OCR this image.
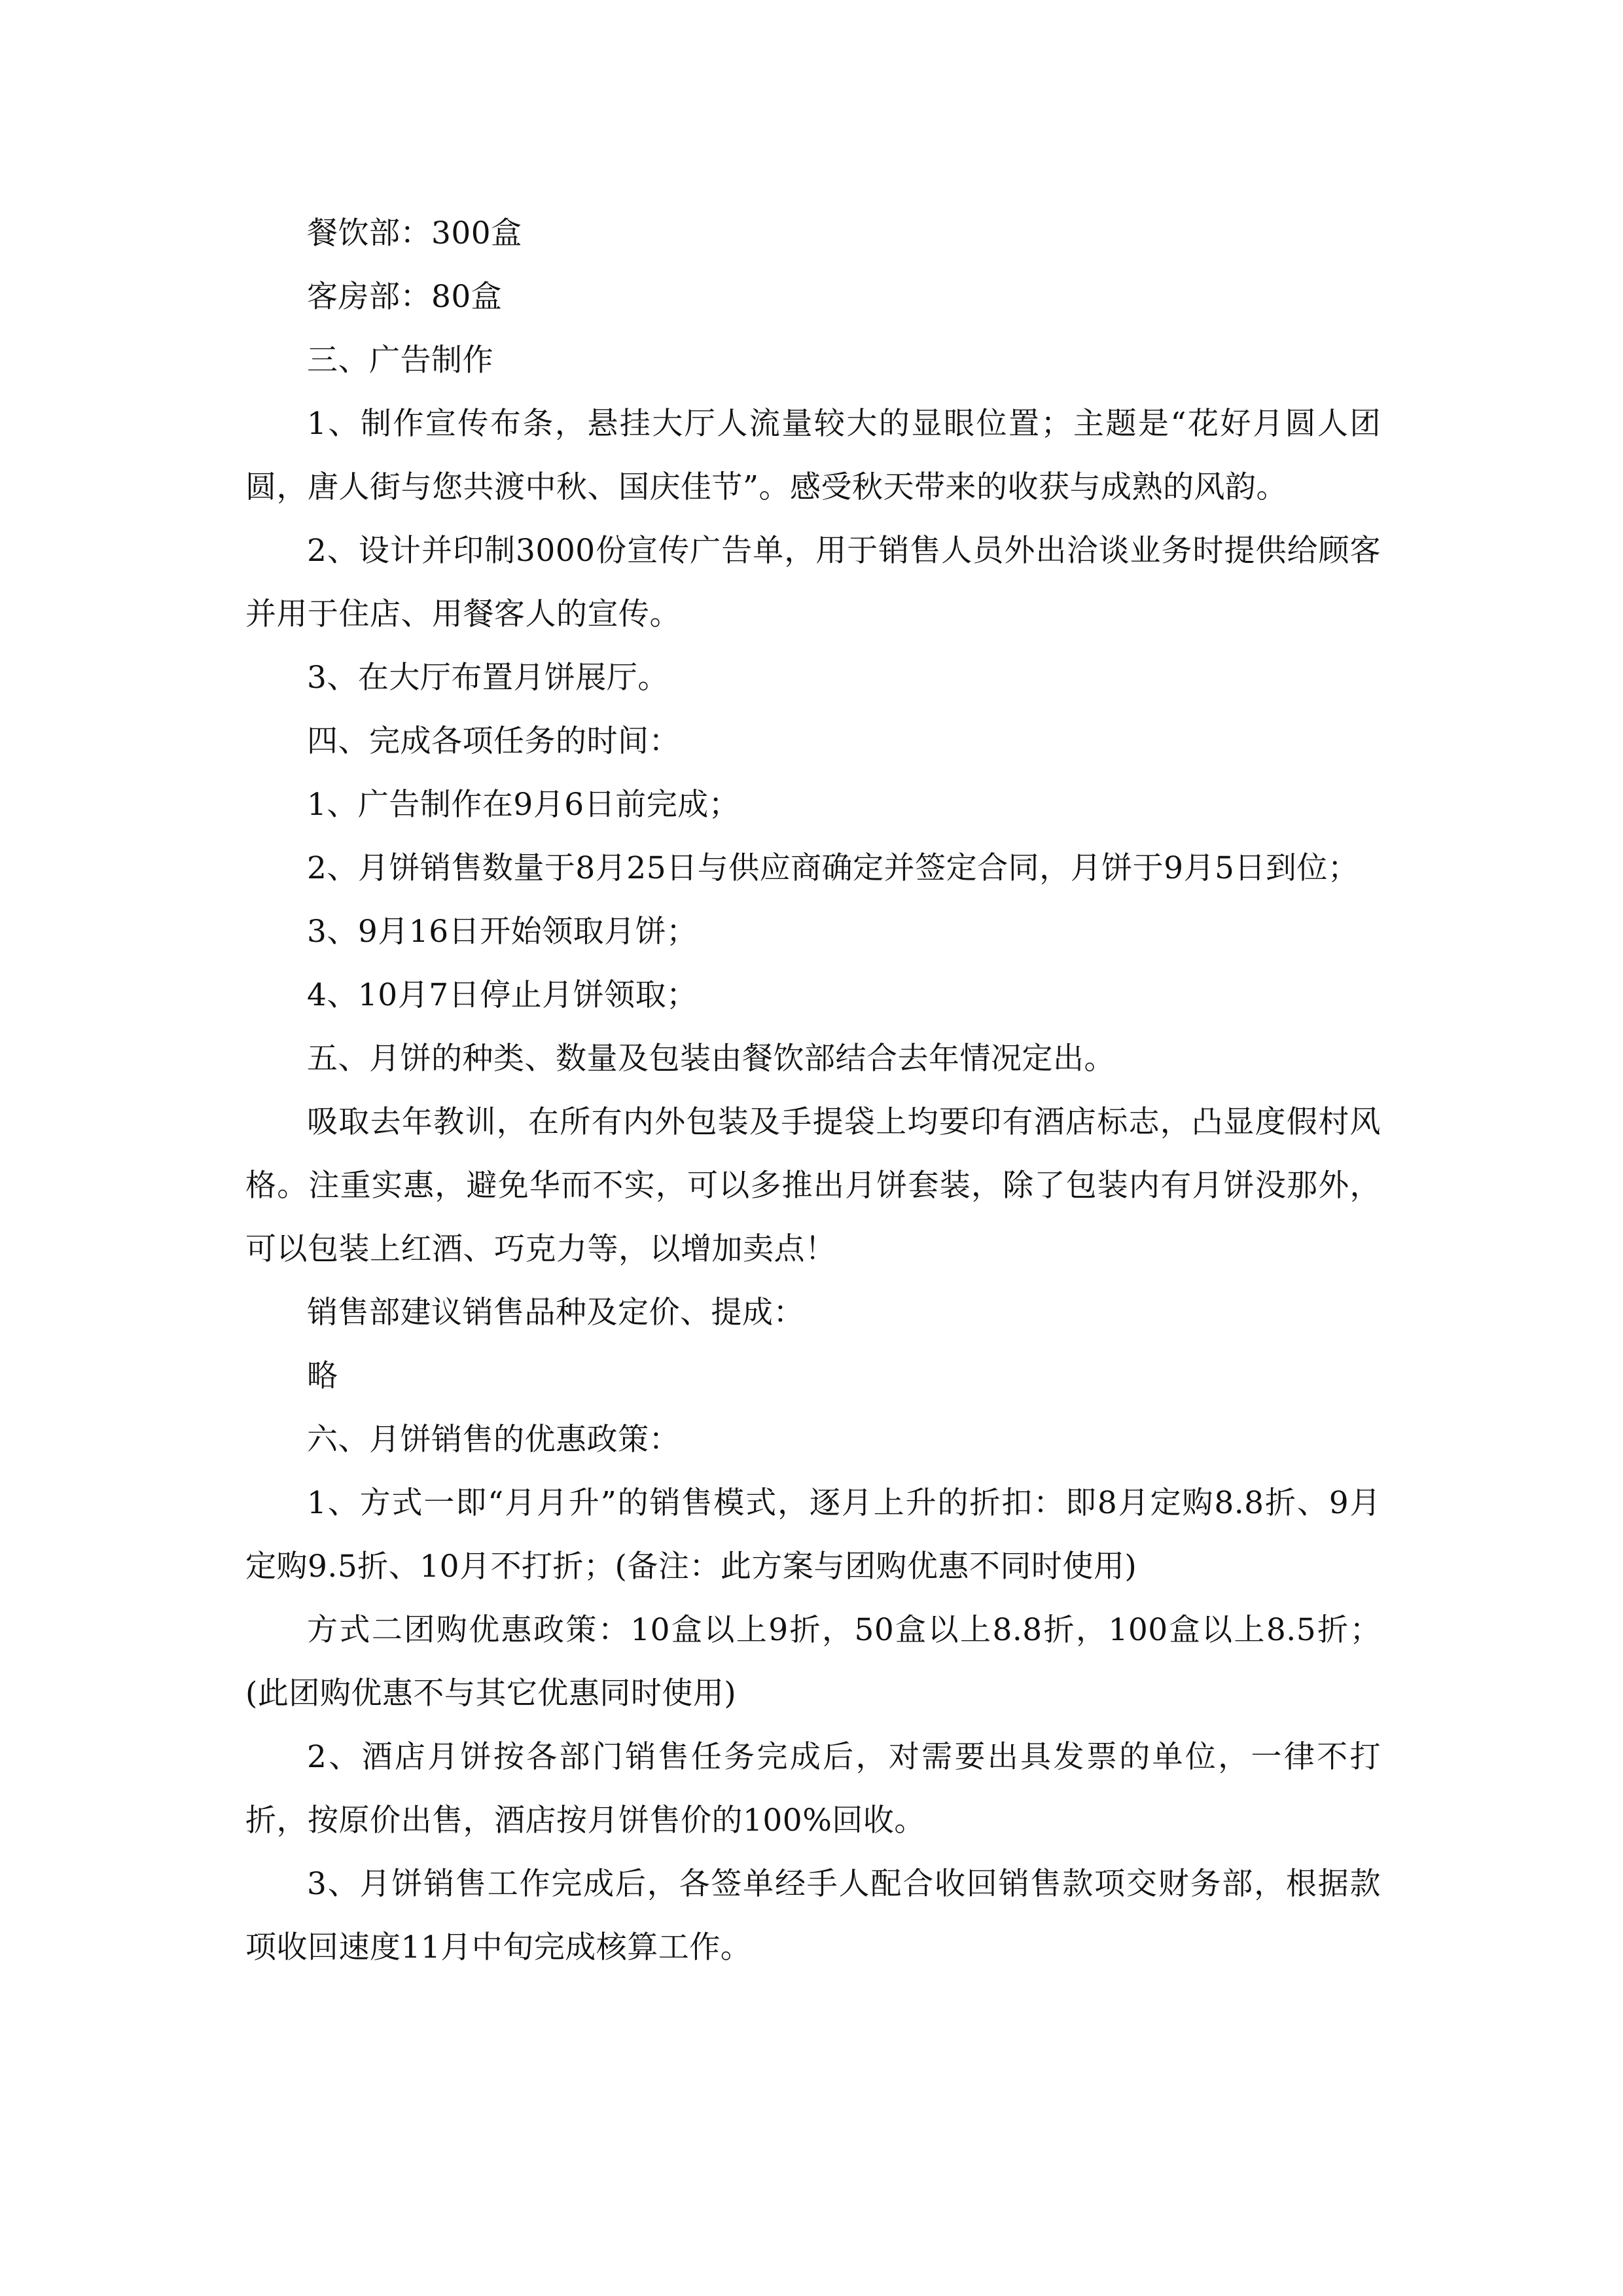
餐饮部：300盒

客房部：80盒

三、广告制作

1、制作宣传布条，悬挂大厅人流量较大的显眼位置；主题是“花好月圆人团圆，唐人街与您共渡中秋、国庆佳节”。感受秋天带来的收获与成熟的风韵。

2、设计并印制3000份宣传广告单，用于销售人员外出洽谈业务时提供给顾客并用于住店、用餐客人的宣传。

3、在大厅布置月饼展厅。

四、完成各项任务的时间：

1、广告制作在9月6日前完成；

2、月饼销售数量于8月25日与供应商确定并签定合同，月饼于9月5日到位；

3、9月16日开始领取月饼；

4、10月7日停止月饼领取；

五、月饼的种类、数量及包装由餐饮部结合去年情况定出。

吸取去年教训，在所有内外包装及手提袋上均要印有酒店标志，凸显度假村风格。注重实惠，避免华而不实，可以多推出月饼套装，除了包装内有月饼没那外，可以包装上红酒、巧克力等，以增加卖点！

销售部建议销售品种及定价、提成：

略

六、月饼销售的优惠政策：

1、方式一即“月月升”的销售模式，逐月上升的折扣：即8月定购8.8折、9月定购9.5折、10月不打折；(备注：此方案与团购优惠不同时使用)

方式二团购优惠政策：10盒以上9折，50盒以上8.8折，100盒以上8.5折；(此团购优惠不与其它优惠同时使用)

2、酒店月饼按各部门销售任务完成后，对需要出具发票的单位，一律不打折，按原价出售，酒店按月饼售价的100%回收。

3、月饼销售工作完成后，各签单经手人配合收回销售款项交财务部，根据款项收回速度11月中旬完成核算工作。
